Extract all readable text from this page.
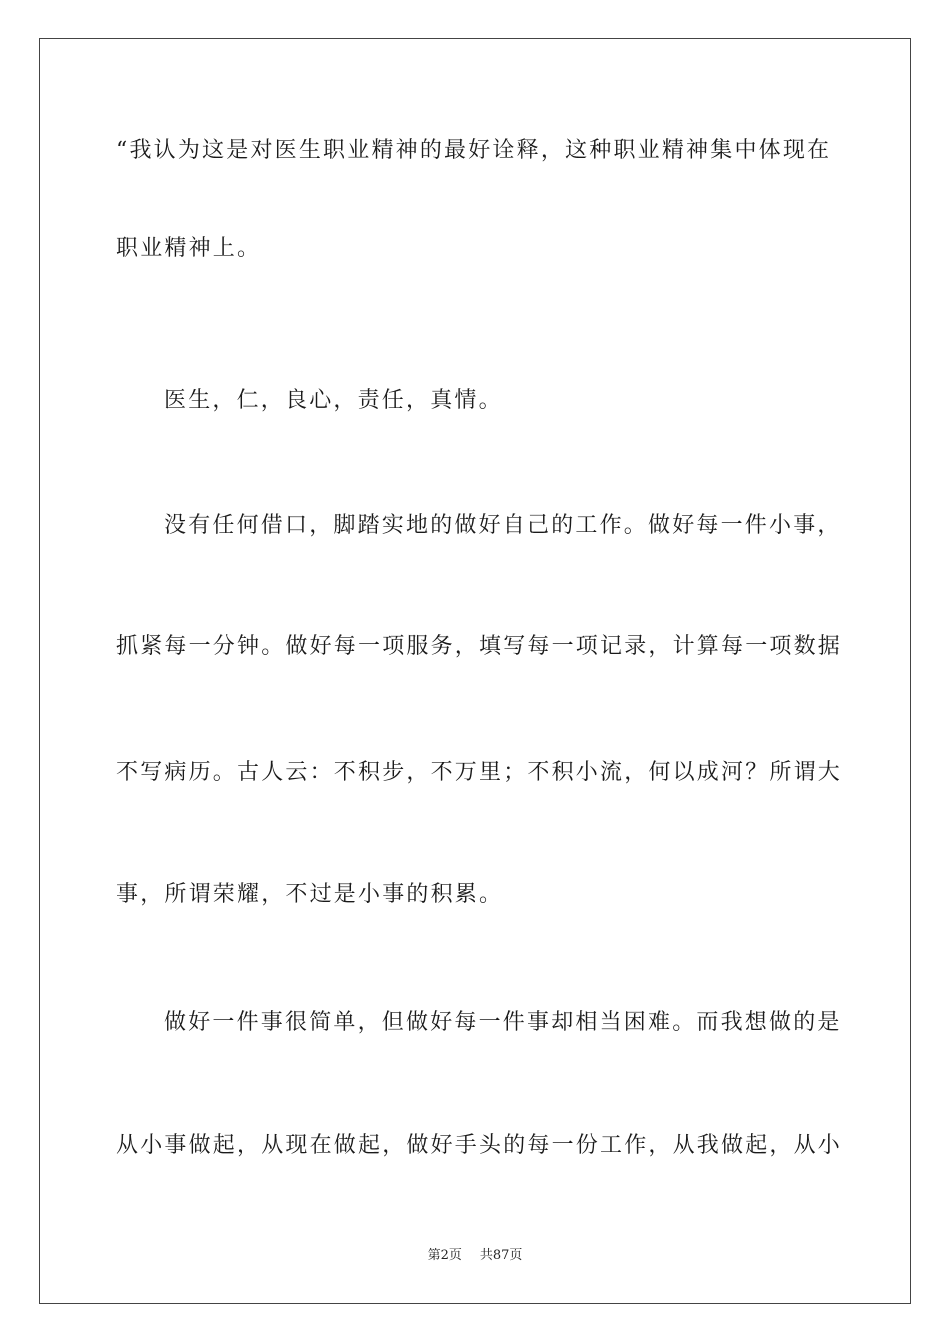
“我认为这是对医生职业精神的最好诠释，这种职业精神集中体现在
职业精神上。
医生，仁，良心，责任，真情。
没有任何借口，脚踏实地的做好自己的工作。做好每一件小事，
抓紧每一分钟。做好每一项服务，填写每一项记录，计算每一项数据
不写病历。古人云：不积步，不万里；不积小流，何以成河？所谓大
事，所谓荣耀，不过是小事的积累。
做好一件事很简单，但做好每一件事却相当困难。而我想做的是
从小事做起，从现在做起，做好手头的每一份工作，从我做起，从小
第2页 共87页
